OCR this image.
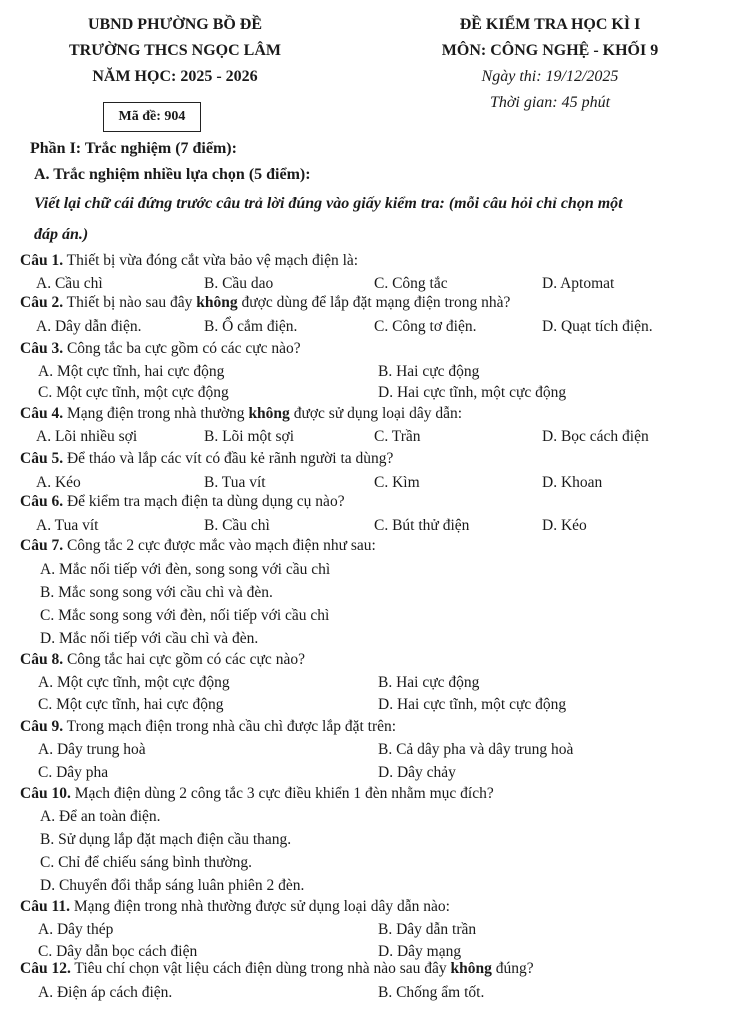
UBND PHƯỜNG BỒ ĐỀ
TRƯỜNG THCS NGỌC LÂM
NĂM HỌC: 2025 - 2026
ĐỀ KIỂM TRA HỌC KÌ I
MÔN: CÔNG NGHỆ - KHỐI 9
Ngày thi: 19/12/2025
Thời gian: 45 phút
Mã đề: 904
Phần I: Trắc nghiệm (7 điểm):
A. Trắc nghiệm nhiều lựa chọn (5 điểm):
Viết lại chữ cái đứng trước câu trả lời đúng vào giấy kiểm tra: (mỗi câu hỏi chỉ chọn một
đáp án.)
Câu 1. Thiết bị vừa đóng cắt vừa bảo vệ mạch điện là:
A. Cầu chì	B. Cầu dao	C. Công tắc	D. Aptomat
Câu 2. Thiết bị nào sau đây không được dùng để lắp đặt mạng điện trong nhà?
A. Dây dẫn điện.	B. Ổ cắm điện.	C. Công tơ điện.	D. Quạt tích điện.
Câu 3. Công tắc ba cực gồm có các cực nào?
A. Một cực tĩnh, hai cực động	B. Hai cực động
C. Một cực tĩnh, một cực động	D. Hai cực tĩnh, một cực động
Câu 4. Mạng điện trong nhà thường không được sử dụng loại dây dẫn:
A. Lõi nhiều sợi	B. Lõi một sợi	C. Trần	D. Bọc cách điện
Câu 5. Để tháo và lắp các vít có đầu kẻ rãnh người ta dùng?
A. Kéo	B. Tua vít	C. Kìm	D. Khoan
Câu 6. Để kiểm tra mạch điện ta dùng dụng cụ nào?
A. Tua vít	B. Cầu chì	C. Bút thử điện	D. Kéo
Câu 7. Công tắc 2 cực được mắc vào mạch điện như sau:
A. Mắc nối tiếp với đèn, song song với cầu chì
B. Mắc song song với cầu chì và đèn.
C. Mắc song song với đèn, nối tiếp với cầu chì
D. Mắc nối tiếp với cầu chì và đèn.
Câu 8. Công tắc hai cực gồm có các cực nào?
A. Một cực tĩnh, một cực động	B. Hai cực động
C. Một cực tĩnh, hai cực động	D. Hai cực tĩnh, một cực động
Câu 9. Trong mạch điện trong nhà cầu chì được lắp đặt trên:
A. Dây trung hoà	B. Cả dây pha và dây trung hoà
C. Dây pha	D. Dây chảy
Câu 10. Mạch điện dùng 2 công tắc 3 cực điều khiển 1 đèn nhằm mục đích?
A. Để an toàn điện.
B. Sử dụng lắp đặt mạch điện cầu thang.
C. Chỉ để chiếu sáng bình thường.
D. Chuyển đổi thắp sáng luân phiên 2 đèn.
Câu 11. Mạng điện trong nhà thường được sử dụng loại dây dẫn nào:
A. Dây thép	B. Dây dẫn trần
C. Dây dẫn bọc cách điện	D. Dây mạng
Câu 12. Tiêu chí chọn vật liệu cách điện dùng trong nhà nào sau đây không đúng?
A. Điện áp cách điện.	B. Chống ẩm tốt.
